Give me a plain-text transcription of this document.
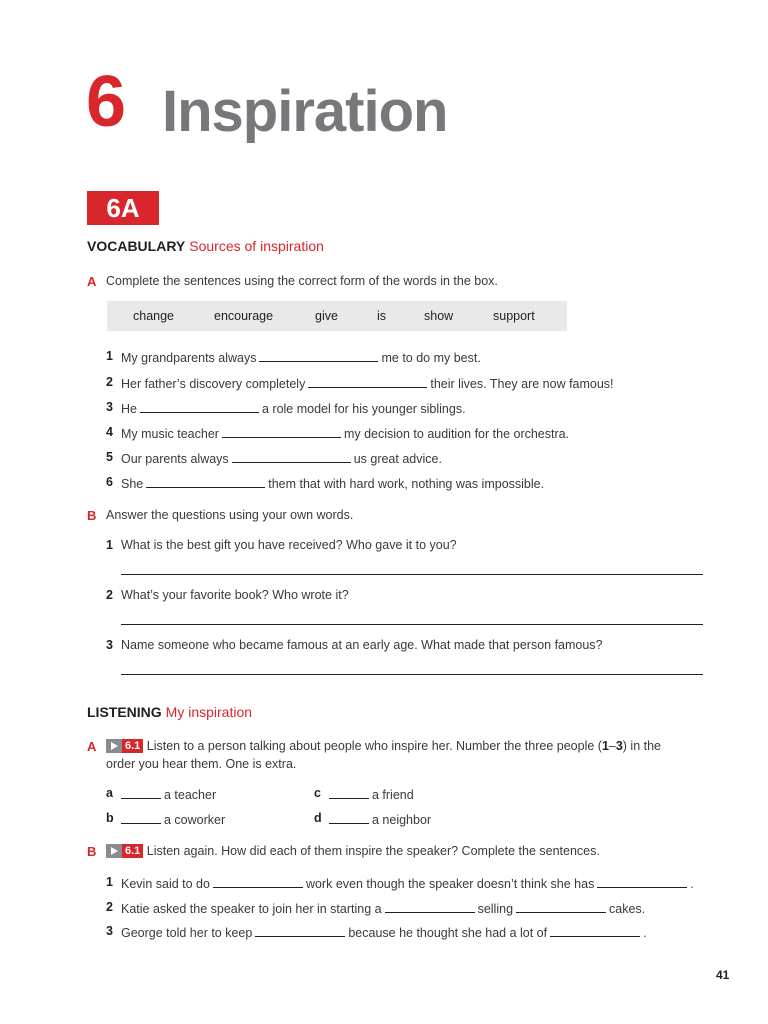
6 Inspiration
6A
VOCABULARY Sources of inspiration
A Complete the sentences using the correct form of the words in the box.
change	encourage	give	is	show	support
1 My grandparents always	me to do my best.
2 Her father’s discovery completely	their lives. They are now famous!
3 He	a role model for his younger siblings.
4 My music teacher	my decision to audition for the orchestra.
5 Our parents always	us great advice.
6 She	them that with hard work, nothing was impossible.
B Answer the questions using your own words.
1 What is the best gift you have received? Who gave it to you?
2 What’s your favorite book? Who wrote it?
3 Name someone who became famous at an early age. What made that person famous?
LISTENING My inspiration
A	6.1 Listen to a person talking about people who inspire her. Number the three people (1–3) in the
order you hear them. One is extra.
a	a teacher
b	a coworker
c	a friend
d	a neighbor
B	6.1 Listen again. How did each of them inspire the speaker? Complete the sentences.
1 Kevin said to do	work even though the speaker doesn’t think she has	.
2 Katie asked the speaker to join her in starting a	selling	cakes.
3 George told her to keep	because he thought she had a lot of	.
41
